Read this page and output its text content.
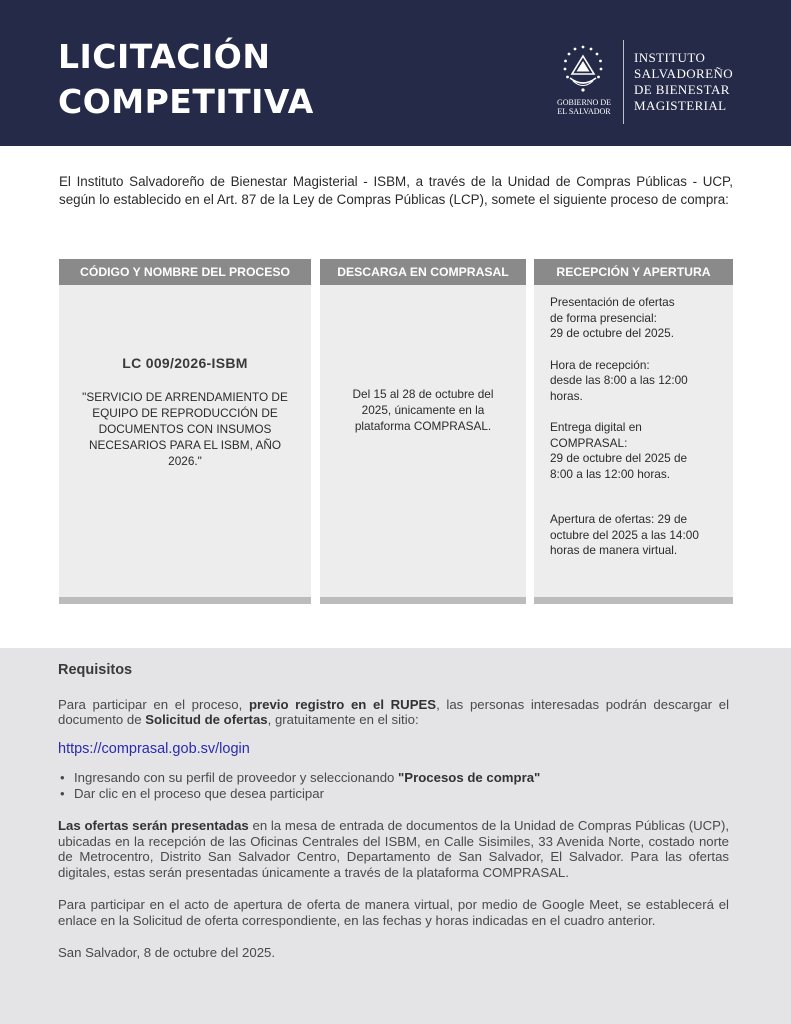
LICITACIÓN
COMPETITIVA	GOBIERNO DE
EL SALVADOR
INSTITUTO
SALVADOREÑO
DE BIENESTAR
MAGISTERIAL

El Instituto Salvadoreño de Bienestar Magisterial - ISBM, a través de la Unidad de Compras Públicas - UCP, según lo establecido en el Art. 87 de la Ley de Compras Públicas (LCP), somete el siguiente proceso de compra:

CÓDIGO Y NOMBRE DEL PROCESO
LC 009/2026-ISBM
"SERVICIO DE ARRENDAMIENTO DE EQUIPO DE REPRODUCCIÓN DE DOCUMENTOS CON INSUMOS NECESARIOS PARA EL ISBM, AÑO 2026."
DESCARGA EN COMPRASAL
Del 15 al 28 de octubre del 2025, únicamente en la plataforma COMPRASAL.
RECEPCIÓN Y APERTURA
Presentación de ofertas
de forma presencial:
29 de octubre del 2025.
Hora de recepción:
desde las 8:00 a las 12:00
horas.
Entrega digital en
COMPRASAL:
29 de octubre del 2025 de
8:00 a las 12:00 horas.
Apertura de ofertas: 29 de octubre del 2025 a las 14:00 horas de manera virtual.
Requisitos

Para participar en el proceso, previo registro en el RUPES, las personas interesadas podrán descargar el documento de Solicitud de ofertas, gratuitamente en el sitio:

https://comprasal.gob.sv/login
• Ingresando con su perfil de proveedor y seleccionando "Procesos de compra"
• Dar clic en el proceso que desea participar

Las ofertas serán presentadas en la mesa de entrada de documentos de la Unidad de Compras Públicas (UCP), ubicadas en la recepción de las Oficinas Centrales del ISBM, en Calle Sisimiles, 33 Avenida Norte, costado norte de Metrocentro, Distrito San Salvador Centro, Departamento de San Salvador, El Salvador. Para las ofertas digitales, estas serán presentadas únicamente a través de la plataforma COMPRASAL.

Para participar en el acto de apertura de oferta de manera virtual, por medio de Google Meet, se establecerá el enlace en la Solicitud de oferta correspondiente, en las fechas y horas indicadas en el cuadro anterior.

San Salvador, 8 de octubre del 2025.
